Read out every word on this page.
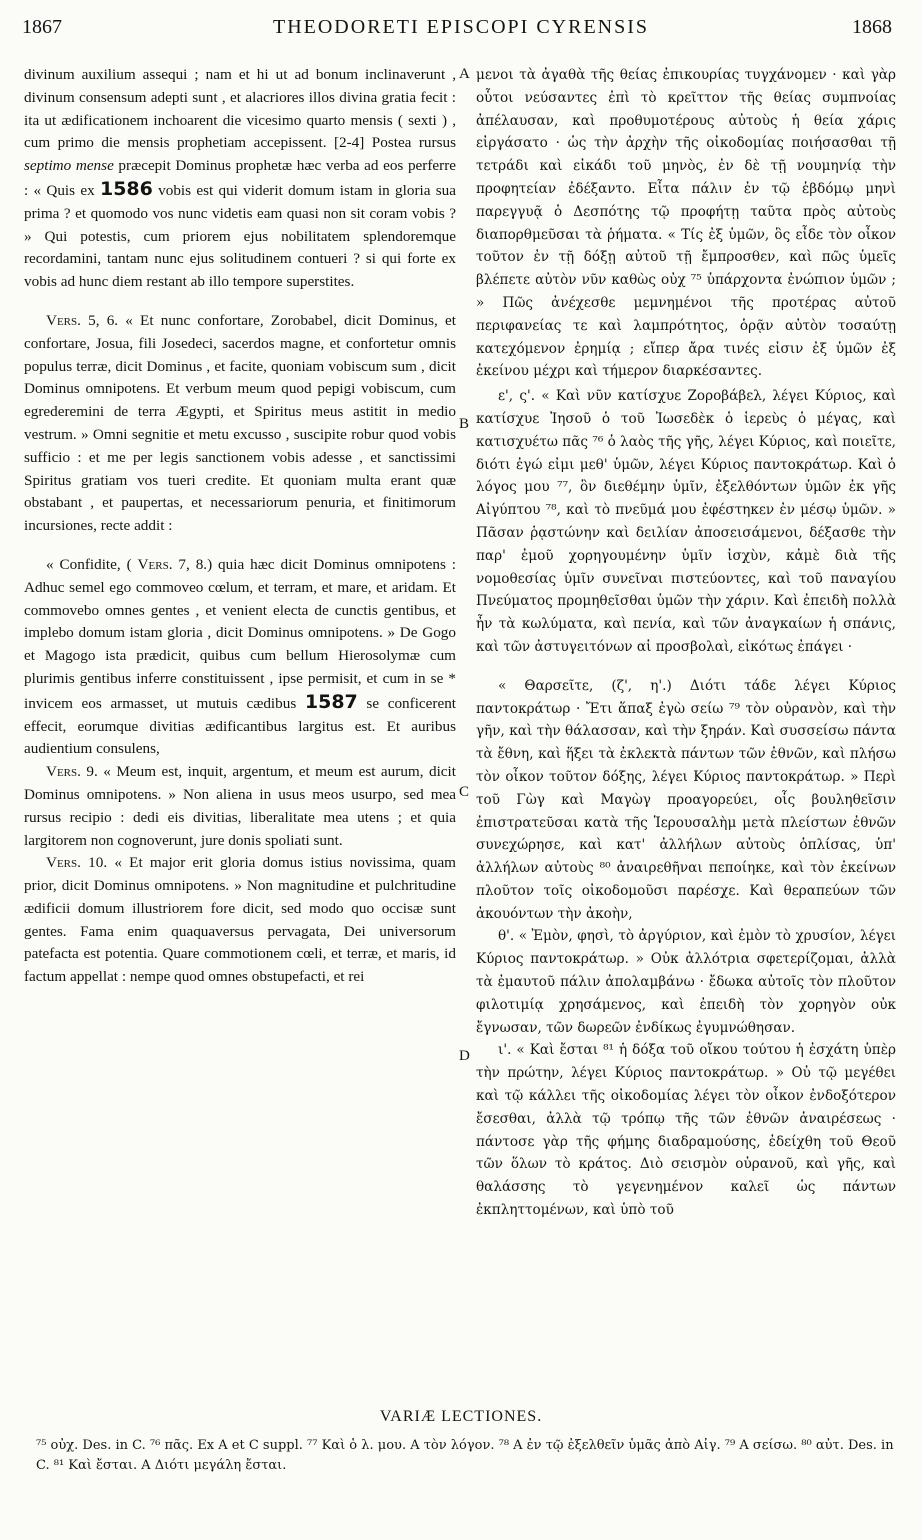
1867	THEODORETI EPISCOPI CYRENSIS	1868
A
B
C
D

divinum auxilium assequi ; nam et hi ut ad bonum inclinaverunt , divinum consensum adepti sunt , et alacriores illos divina gratia fecit : ita ut ædificationem inchoarent die vicesimo quarto mensis ( sexti ) , cum primo die mensis prophetiam accepissent. [2-4] Postea rursus septimo mense præcepit Dominus prophetæ hæc verba ad eos perferre : « Quis ex 1586 vobis est qui viderit domum istam in gloria sua prima ? et quomodo vos nunc videtis eam quasi non sit coram vobis ? » Qui potestis, cum priorem ejus nobilitatem splendoremque recordamini, tantam nunc ejus solitudinem contueri ? si qui forte ex vobis ad hunc diem restant ab illo tempore superstites.

Vers. 5, 6. « Et nunc confortare, Zorobabel, dicit Dominus, et confortare, Josua, fili Josedeci, sacerdos magne, et confortetur omnis populus terræ, dicit Dominus , et facite, quoniam vobiscum sum , dicit Dominus omnipotens. Et verbum meum quod pepigi vobiscum, cum egrederemini de terra Ægypti, et Spiritus meus astitit in medio vestrum. » Omni segnitie et metu excusso , suscipite robur quod vobis sufficio : et me per legis sanctionem vobis adesse , et sanctissimi Spiritus gratiam vos tueri credite. Et quoniam multa erant quæ obstabant , et paupertas, et necessariorum penuria, et finitimorum incursiones, recte addit :

« Confidite, ( Vers. 7, 8.) quia hæc dicit Dominus omnipotens : Adhuc semel ego commoveo cœlum, et terram, et mare, et aridam. Et commovebo omnes gentes , et venient electa de cunctis gentibus, et implebo domum istam gloria , dicit Dominus omnipotens. » De Gogo et Magogo ista prædicit, quibus cum bellum Hierosolymæ cum plurimis gentibus inferre constituissent , ipse permisit, et cum in se * invicem eos armasset, ut mutuis cædibus 1587 se conficerent effecit, eorumque divitias ædificantibus largitus est. Et auribus audientium consulens,

Vers. 9. « Meum est, inquit, argentum, et meum est aurum, dicit Dominus omnipotens. » Non aliena in usus meos usurpo, sed mea rursus recipio : dedi eis divitias, liberalitate mea utens ; et quia largitorem non cognoverunt, jure donis spoliati sunt.

Vers. 10. « Et major erit gloria domus istius novissima, quam prior, dicit Dominus omnipotens. » Non magnitudine et pulchritudine ædificii domum illustriorem fore dicit, sed modo quo occisæ sunt gentes. Fama enim quaquaversus pervagata, Dei universorum patefacta est potentia. Quare commotionem cœli, et terræ, et maris, id factum appellat : nempe quod omnes obstupefacti, et rei

μενοι τὰ ἀγαθὰ τῆς θείας ἐπικουρίας τυγχάνομεν · καὶ γὰρ οὗτοι νεύσαντες ἐπὶ τὸ κρεῖττον τῆς θείας συμπνοίας ἀπέλαυσαν, καὶ προθυμοτέρους αὐτοὺς ἡ θεία χάρις εἰργάσατο · ὡς τὴν ἀρχὴν τῆς οἰκοδομίας ποιήσασθαι τῇ τετράδι καὶ εἰκάδι τοῦ μηνὸς, ἐν δὲ τῇ νουμηνίᾳ τὴν προφητείαν ἐδέξαντο. Εἶτα πάλιν ἐν τῷ ἑβδόμῳ μηνὶ παρεγγυᾷ ὁ Δεσπότης τῷ προφήτῃ ταῦτα πρὸς αὐτοὺς διαπορθμεῦσαι τὰ ῥήματα. « Τίς ἐξ ὑμῶν, ὃς εἶδε τὸν οἶκον τοῦτον ἐν τῇ δόξῃ αὐτοῦ τῇ ἔμπροσθεν, καὶ πῶς ὑμεῖς βλέπετε αὐτὸν νῦν καθὼς οὐχ ⁷⁵ ὑπάρχοντα ἐνώπιον ὑμῶν ; » Πῶς ἀνέχεσθε μεμνημένοι τῆς προτέρας αὐτοῦ περιφανείας τε καὶ λαμπρότητος, ὁρᾷν αὐτὸν τοσαύτῃ κατεχόμενον ἐρημίᾳ ; εἴπερ ἄρα τινές εἰσιν ἐξ ὑμῶν ἐξ ἐκείνου μέχρι καὶ τήμερον διαρκέσαντες.

ε', ς'. « Καὶ νῦν κατίσχυε Ζοροβάβελ, λέγει Κύριος, καὶ κατίσχυε Ἰησοῦ ὁ τοῦ Ἰωσεδὲκ ὁ ἱερεὺς ὁ μέγας, καὶ κατισχυέτω πᾶς ⁷⁶ ὁ λαὸς τῆς γῆς, λέγει Κύριος, καὶ ποιεῖτε, διότι ἐγώ εἰμι μεθ' ὑμῶν, λέγει Κύριος παντοκράτωρ. Καὶ ὁ λόγος μου ⁷⁷, ὃν διεθέμην ὑμῖν, ἐξελθόντων ὑμῶν ἐκ γῆς Αἰγύπτου ⁷⁸, καὶ τὸ πνεῦμά μου ἐφέστηκεν ἐν μέσῳ ὑμῶν. » Πᾶσαν ῥᾳστώνην καὶ δειλίαν ἀποσεισάμενοι, δέξασθε τὴν παρ' ἐμοῦ χορηγουμένην ὑμῖν ἰσχὺν, κἀμὲ διὰ τῆς νομοθεσίας ὑμῖν συνεῖναι πιστεύοντες, καὶ τοῦ παναγίου Πνεύματος προμηθεῖσθαι ὑμῶν τὴν χάριν. Καὶ ἐπειδὴ πολλὰ ἦν τὰ κωλύματα, καὶ πενία, καὶ τῶν ἀναγκαίων ἡ σπάνις, καὶ τῶν ἀστυγειτόνων αἱ προσβολαὶ, εἰκότως ἐπάγει ·

« Θαρσεῖτε, (ζ', η'.) Διότι τάδε λέγει Κύριος παντοκράτωρ · Ἔτι ἅπαξ ἐγὼ σείω ⁷⁹ τὸν οὐρανὸν, καὶ τὴν γῆν, καὶ τὴν θάλασσαν, καὶ τὴν ξηράν. Καὶ συσσείσω πάντα τὰ ἔθνη, καὶ ἥξει τὰ ἐκλεκτὰ πάντων τῶν ἐθνῶν, καὶ πλήσω τὸν οἶκον τοῦτον δόξης, λέγει Κύριος παντοκράτωρ. » Περὶ τοῦ Γὼγ καὶ Μαγὼγ προαγορεύει, οἷς βουληθεῖσιν ἐπιστρατεῦσαι κατὰ τῆς Ἱερουσαλὴμ μετὰ πλείστων ἐθνῶν συνεχώρησε, καὶ κατ' ἀλλήλων αὐτοὺς ὁπλίσας, ὑπ' ἀλλήλων αὐτοὺς ⁸⁰ ἀναιρεθῆναι πεποίηκε, καὶ τὸν ἐκείνων πλοῦτον τοῖς οἰκοδομοῦσι παρέσχε. Καὶ θεραπεύων τῶν ἀκουόντων τὴν ἀκοὴν,

θ'. « Ἐμὸν, φησὶ, τὸ ἀργύριον, καὶ ἐμὸν τὸ χρυσίον, λέγει Κύριος παντοκράτωρ. » Οὐκ ἀλλότρια σφετερίζομαι, ἀλλὰ τὰ ἐμαυτοῦ πάλιν ἀπολαμβάνω · ἔδωκα αὐτοῖς τὸν πλοῦτον φιλοτιμίᾳ χρησάμενος, καὶ ἐπειδὴ τὸν χορηγὸν οὐκ ἔγνωσαν, τῶν δωρεῶν ἐνδίκως ἐγυμνώθησαν.

ι'. « Καὶ ἔσται ⁸¹ ἡ δόξα τοῦ οἴκου τούτου ἡ ἐσχάτη ὑπὲρ τὴν πρώτην, λέγει Κύριος παντοκράτωρ. » Οὐ τῷ μεγέθει καὶ τῷ κάλλει τῆς οἰκοδομίας λέγει τὸν οἶκον ἐνδοξότερον ἔσεσθαι, ἀλλὰ τῷ τρόπῳ τῆς τῶν ἐθνῶν ἀναιρέσεως · πάντοσε γὰρ τῆς φήμης διαδραμούσης, ἐδείχθη τοῦ Θεοῦ τῶν ὅλων τὸ κράτος. Διὸ σεισμὸν οὐρανοῦ, καὶ γῆς, καὶ θαλάσσης τὸ γεγενημένον καλεῖ ὡς πάντων ἐκπληττομένων, καὶ ὑπὸ τοῦ

VARIÆ LECTIONES.
⁷⁵ οὐχ. Des. in C. ⁷⁶ πᾶς. Ex A et C suppl. ⁷⁷ Καὶ ὁ λ. μου. A τὸν λόγον. ⁷⁸ A ἐν τῷ ἐξελθεῖν ὑμᾶς ἀπὸ Αἰγ. ⁷⁹ A σείσω. ⁸⁰ αὐτ. Des. in C. ⁸¹ Καὶ ἔσται. A Διότι μεγάλη ἔσται.
